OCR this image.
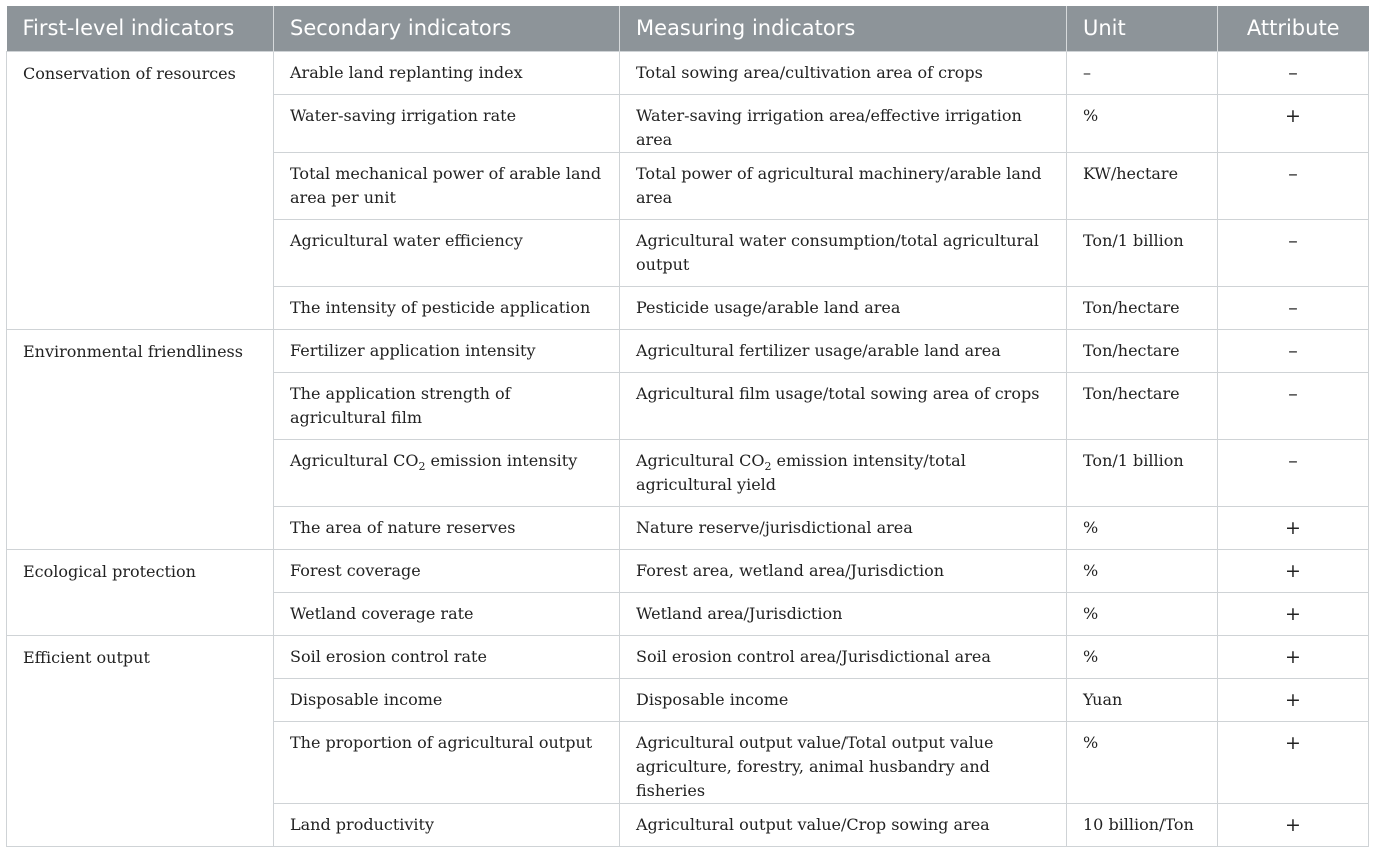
First-level indicators	Secondary indicators	Measuring indicators	Unit	Attribute
Conservation of resources	Arable land replanting index	Total sowing area/cultivation area of crops	–	–
	Water-saving irrigation rate	Water-saving irrigation area/effective irrigation area	%	+
	Total mechanical power of arable land area per unit	Total power of agricultural machinery/arable land area	KW/hectare	–
	Agricultural water efficiency	Agricultural water consumption/total agricultural output	Ton/1 billion	–
	The intensity of pesticide application	Pesticide usage/arable land area	Ton/hectare	–
Environmental friendliness	Fertilizer application intensity	Agricultural fertilizer usage/arable land area	Ton/hectare	–
	The application strength of agricultural film	Agricultural film usage/total sowing area of crops	Ton/hectare	–
	Agricultural $CO_2$ emission intensity	Agricultural $CO_2$ emission intensity/total agricultural yield	Ton/1 billion	–
	The area of nature reserves	Nature reserve/jurisdictional area	%	+
Ecological protection	Forest coverage	Forest area, wetland area/Jurisdiction	%	+
	Wetland coverage rate	Wetland area/Jurisdiction	%	+
Efficient output	Soil erosion control rate	Soil erosion control area/Jurisdictional area	%	+
	Disposable income	Disposable income	Yuan	+
	The proportion of agricultural output	Agricultural output value/Total output value agriculture, forestry, animal husbandry and fisheries	%	+
	Land productivity	Agricultural output value/Crop sowing area	10 billion/Ton	+
